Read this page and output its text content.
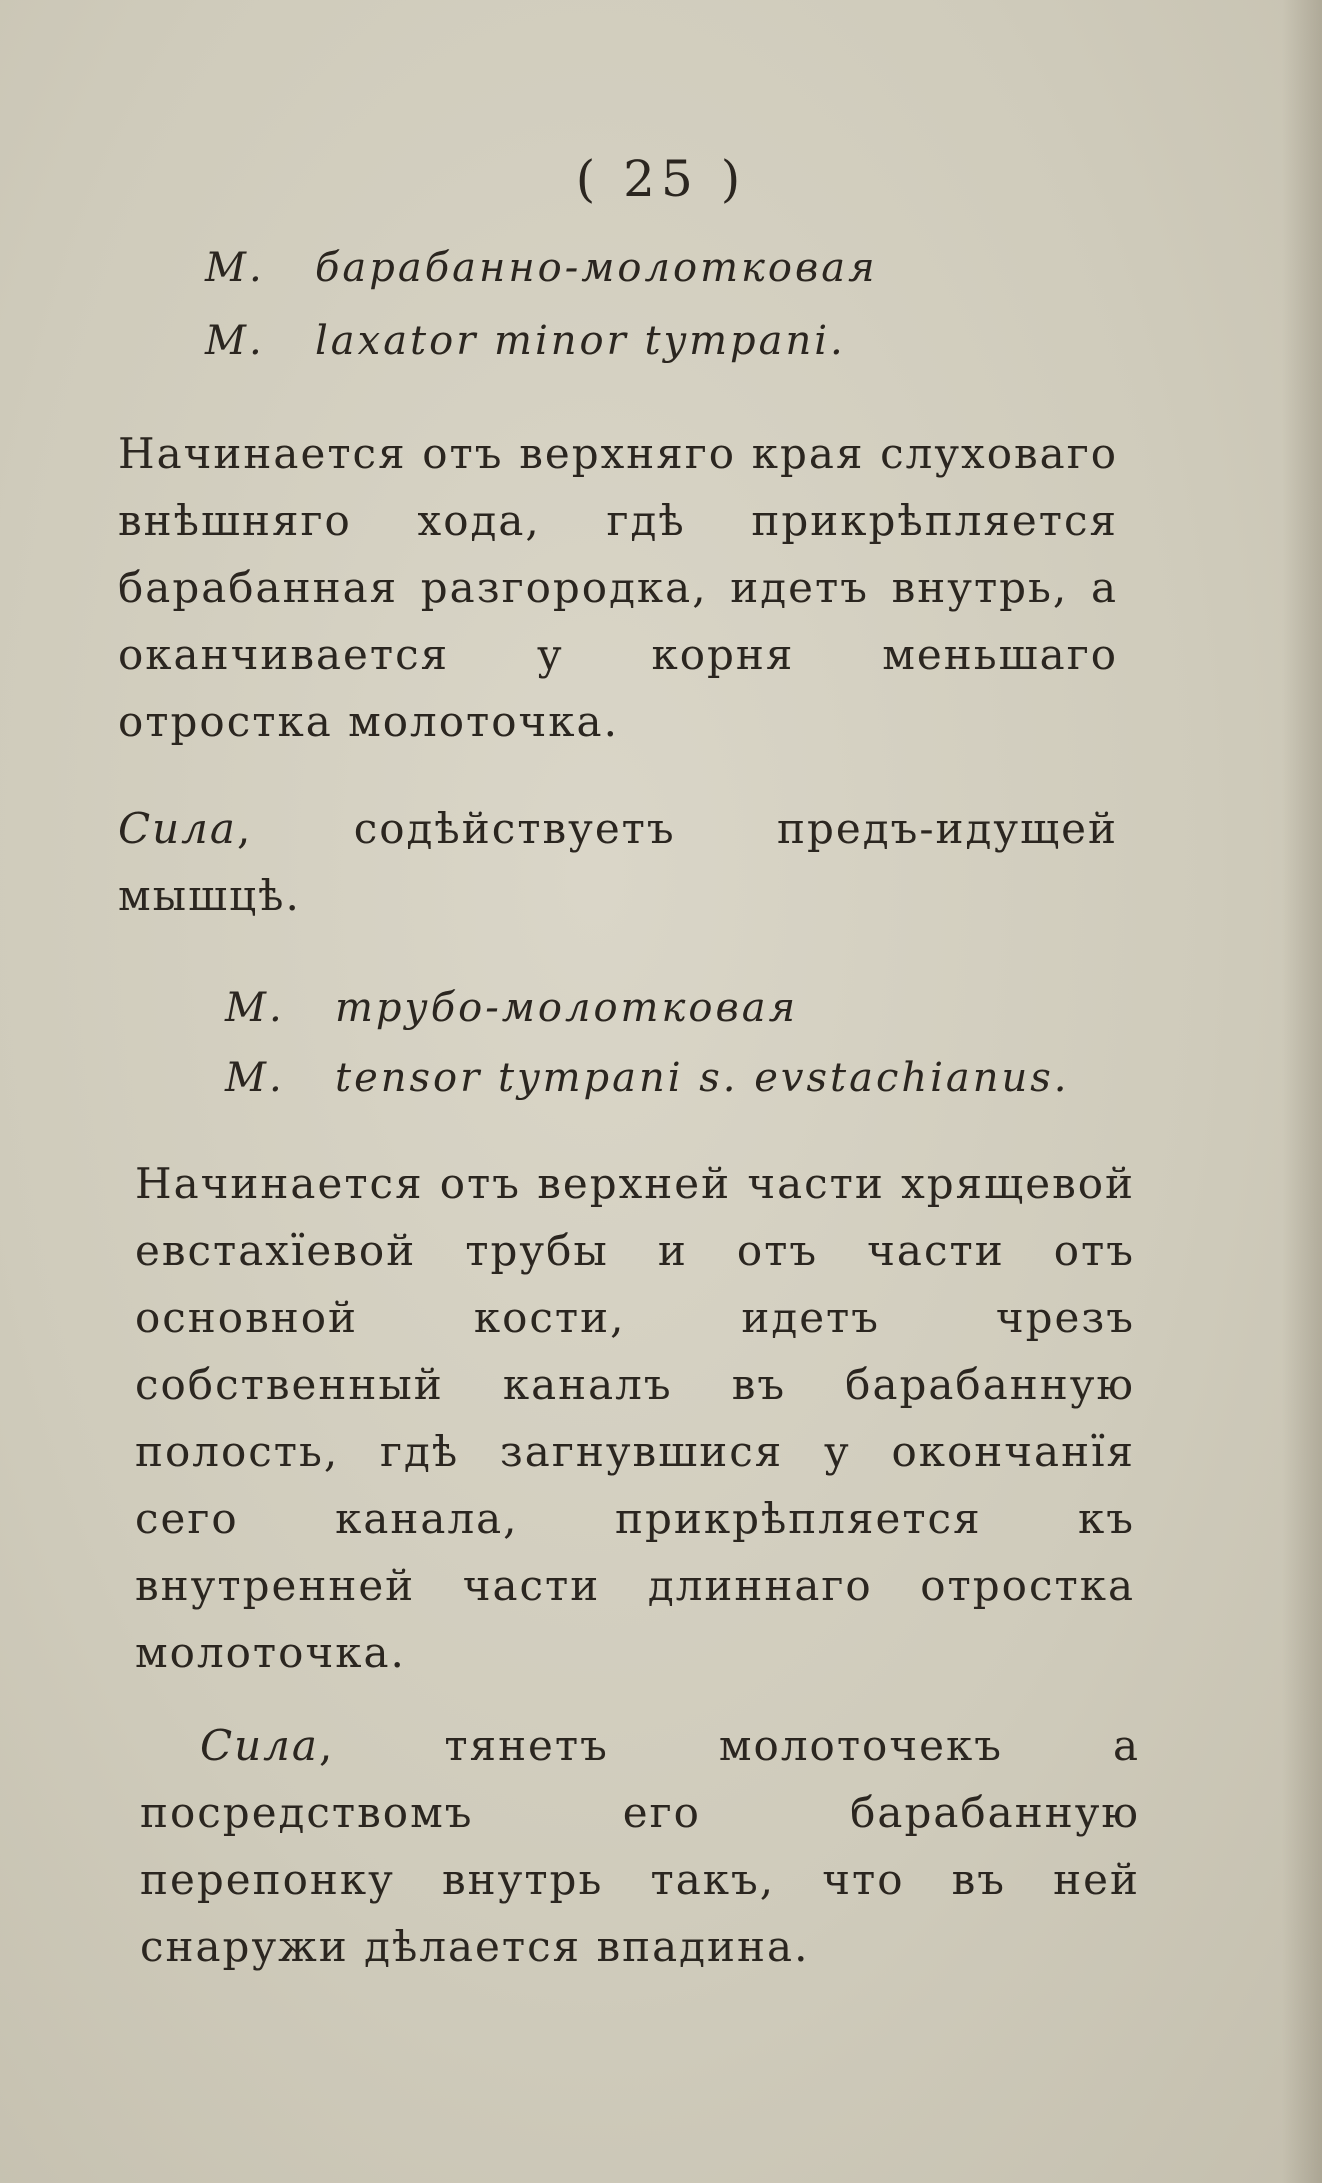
( 25 )
M. барабанно-молотковая
M. laxator minor tympani.

Начинается отъ верхняго края слуховаго внѣшняго хода, гдѣ прикрѣпляется барабанная разгородка, идетъ внутрь, а оканчивается у корня меньшаго отростка молоточка.

Сила, содѣйствуетъ предъ-идущей мышцѣ.

M. трубо-молотковая
M. tensor tympani s. evstachianus.

Начинается отъ верхней части хрящевой евстахїевой трубы и отъ части отъ основной кости, идетъ чрезъ собственный каналъ въ барабанную полость, гдѣ загнувшися у окончанїя сего канала, прикрѣпляется къ внутренней части длиннаго отростка молоточка.

Сила, тянетъ молоточекъ а посредствомъ его барабанную перепонку внутрь такъ, что въ ней снаружи дѣлается впадина.
